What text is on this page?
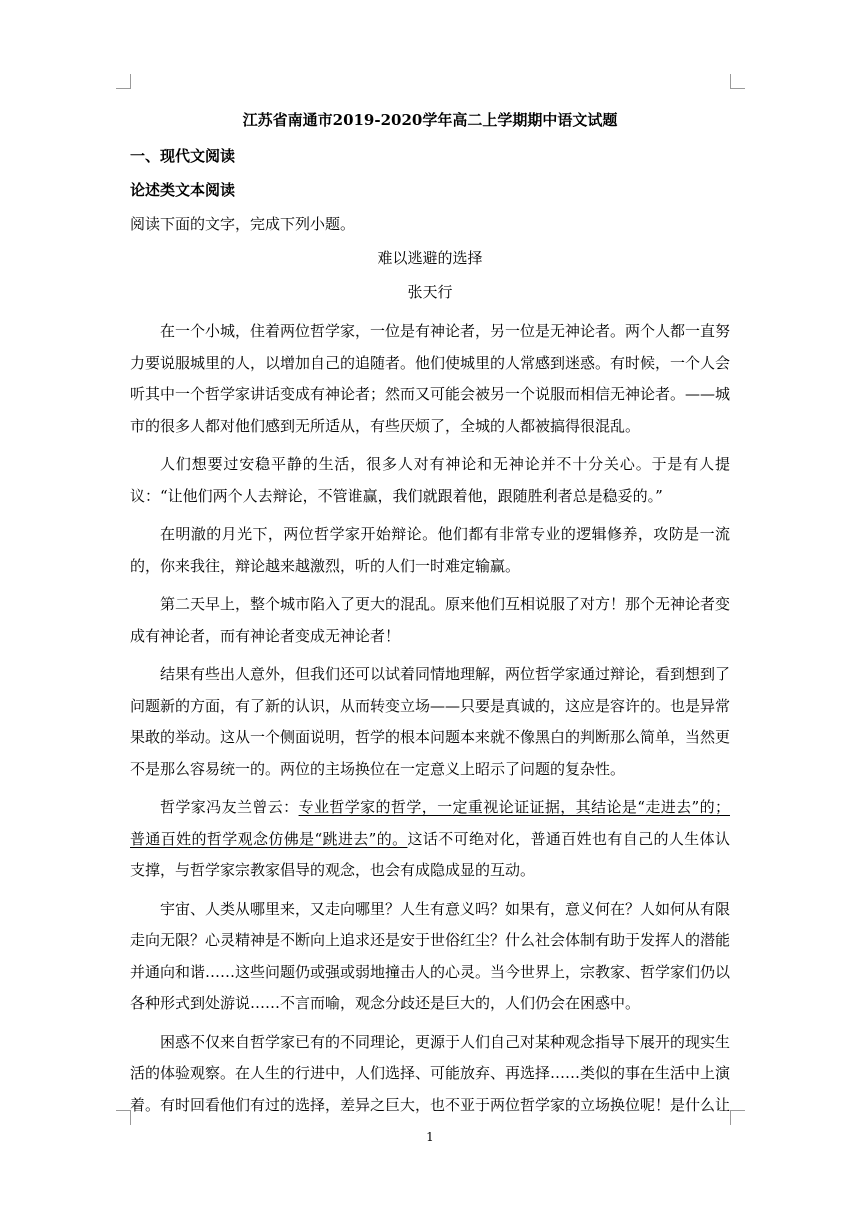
江苏省南通市2019-2020学年高二上学期期中语文试题
一、现代文阅读
论述类文本阅读
阅读下面的文字，完成下列小题。
难以逃避的选择
张天行

在一个小城，住着两位哲学家，一位是有神论者，另一位是无神论者。两个人都一直努力要说服城里的人，以增加自己的追随者。他们使城里的人常感到迷惑。有时候，一个人会听其中一个哲学家讲话变成有神论者；然而又可能会被另一个说服而相信无神论者。——城市的很多人都对他们感到无所适从，有些厌烦了，全城的人都被搞得很混乱。

人们想要过安稳平静的生活，很多人对有神论和无神论并不十分关心。于是有人提议：“让他们两个人去辩论，不管谁赢，我们就跟着他，跟随胜利者总是稳妥的。”

在明澈的月光下，两位哲学家开始辩论。他们都有非常专业的逻辑修养，攻防是一流的，你来我往，辩论越来越激烈，听的人们一时难定输赢。

第二天早上，整个城市陷入了更大的混乱。原来他们互相说服了对方！那个无神论者变成有神论者，而有神论者变成无神论者！

结果有些出人意外，但我们还可以试着同情地理解，两位哲学家通过辩论，看到想到了问题新的方面，有了新的认识，从而转变立场——只要是真诚的，这应是容许的。也是异常果敢的举动。这从一个侧面说明，哲学的根本问题本来就不像黑白的判断那么简单，当然更不是那么容易统一的。两位的主场换位在一定意义上昭示了问题的复杂性。

哲学家冯友兰曾云：专业哲学家的哲学，一定重视论证证据，其结论是“走进去”的；普通百姓的哲学观念仿佛是“跳进去”的。这话不可绝对化，普通百姓也有自己的人生体认支撑，与哲学家宗教家倡导的观念，也会有成隐成显的互动。

宇宙、人类从哪里来，又走向哪里？人生有意义吗？如果有，意义何在？人如何从有限走向无限？心灵精神是不断向上追求还是安于世俗红尘？什么社会体制有助于发挥人的潜能并通向和谐……这些问题仍或强或弱地撞击人的心灵。当今世界上，宗教家、哲学家们仍以各种形式到处游说……不言而喻，观念分歧还是巨大的，人们仍会在困惑中。

困惑不仅来自哲学家已有的不同理论，更源于人们自己对某种观念指导下展开的现实生活的体验观察。在人生的行进中，人们选择、可能放弃、再选择……类似的事在生活中上演着。有时回看他们有过的选择，差异之巨大，也不亚于两位哲学家的立场换位呢！是什么让

1
